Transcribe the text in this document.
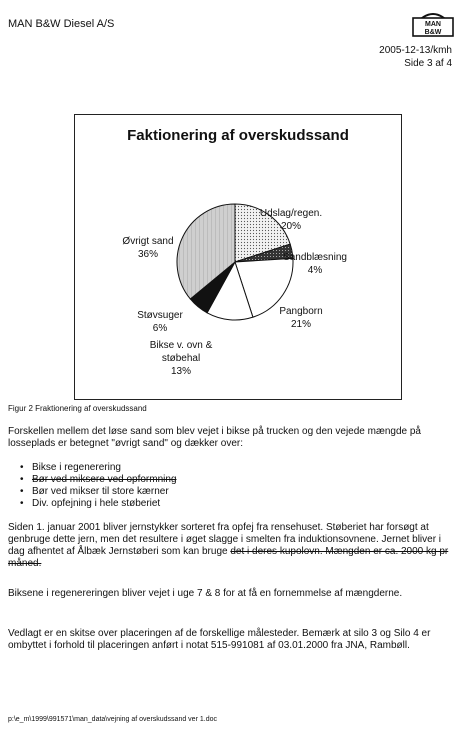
MAN B&W Diesel A/S	MAN
B&W
2005-12-13/kmh
Side 3 af 4
Faktionering af overskudssand
Udslag/regen.
20%
Sandblæsning
4%
Pangborn
21%
Bikse v. ovn &
støbehal
13%
Støvsuger
6%
Øvrigt sand
36%
Figur 2 Fraktionering af overskudssand
Forskellen mellem det løse sand som blev vejet i bikse på trucken og den vejede mængde på losseplads er betegnet "øvrigt sand" og dækker over:
• Bikse i regenerering
• Bør ved miksere ved opformning
• Bør ved mikser til store kærner
• Div. opfejning i hele støberiet
Siden 1. januar 2001 bliver jernstykker sorteret fra opfej fra rensehuset. Støberiet har forsøgt at genbruge dette jern, men det resultere i øget slagge i smelten fra induktionsovnene. Jernet bliver i dag afhentet af Ålbæk Jernstøberi som kan bruge det i deres kupolovn. Mængden er ca. 2000 kg pr måned.
Biksene i regenereringen bliver vejet i uge 7 & 8 for at få en fornemmelse af mængderne.
Vedlagt er en skitse over placeringen af de forskellige målesteder. Bemærk at silo 3 og Silo 4 er ombyttet i forhold til placeringen anført i notat 515-991081 af 03.01.2000 fra JNA, Rambøll.
p:\e_m\1999\991571\man_data\vejning af overskudssand ver 1.doc
